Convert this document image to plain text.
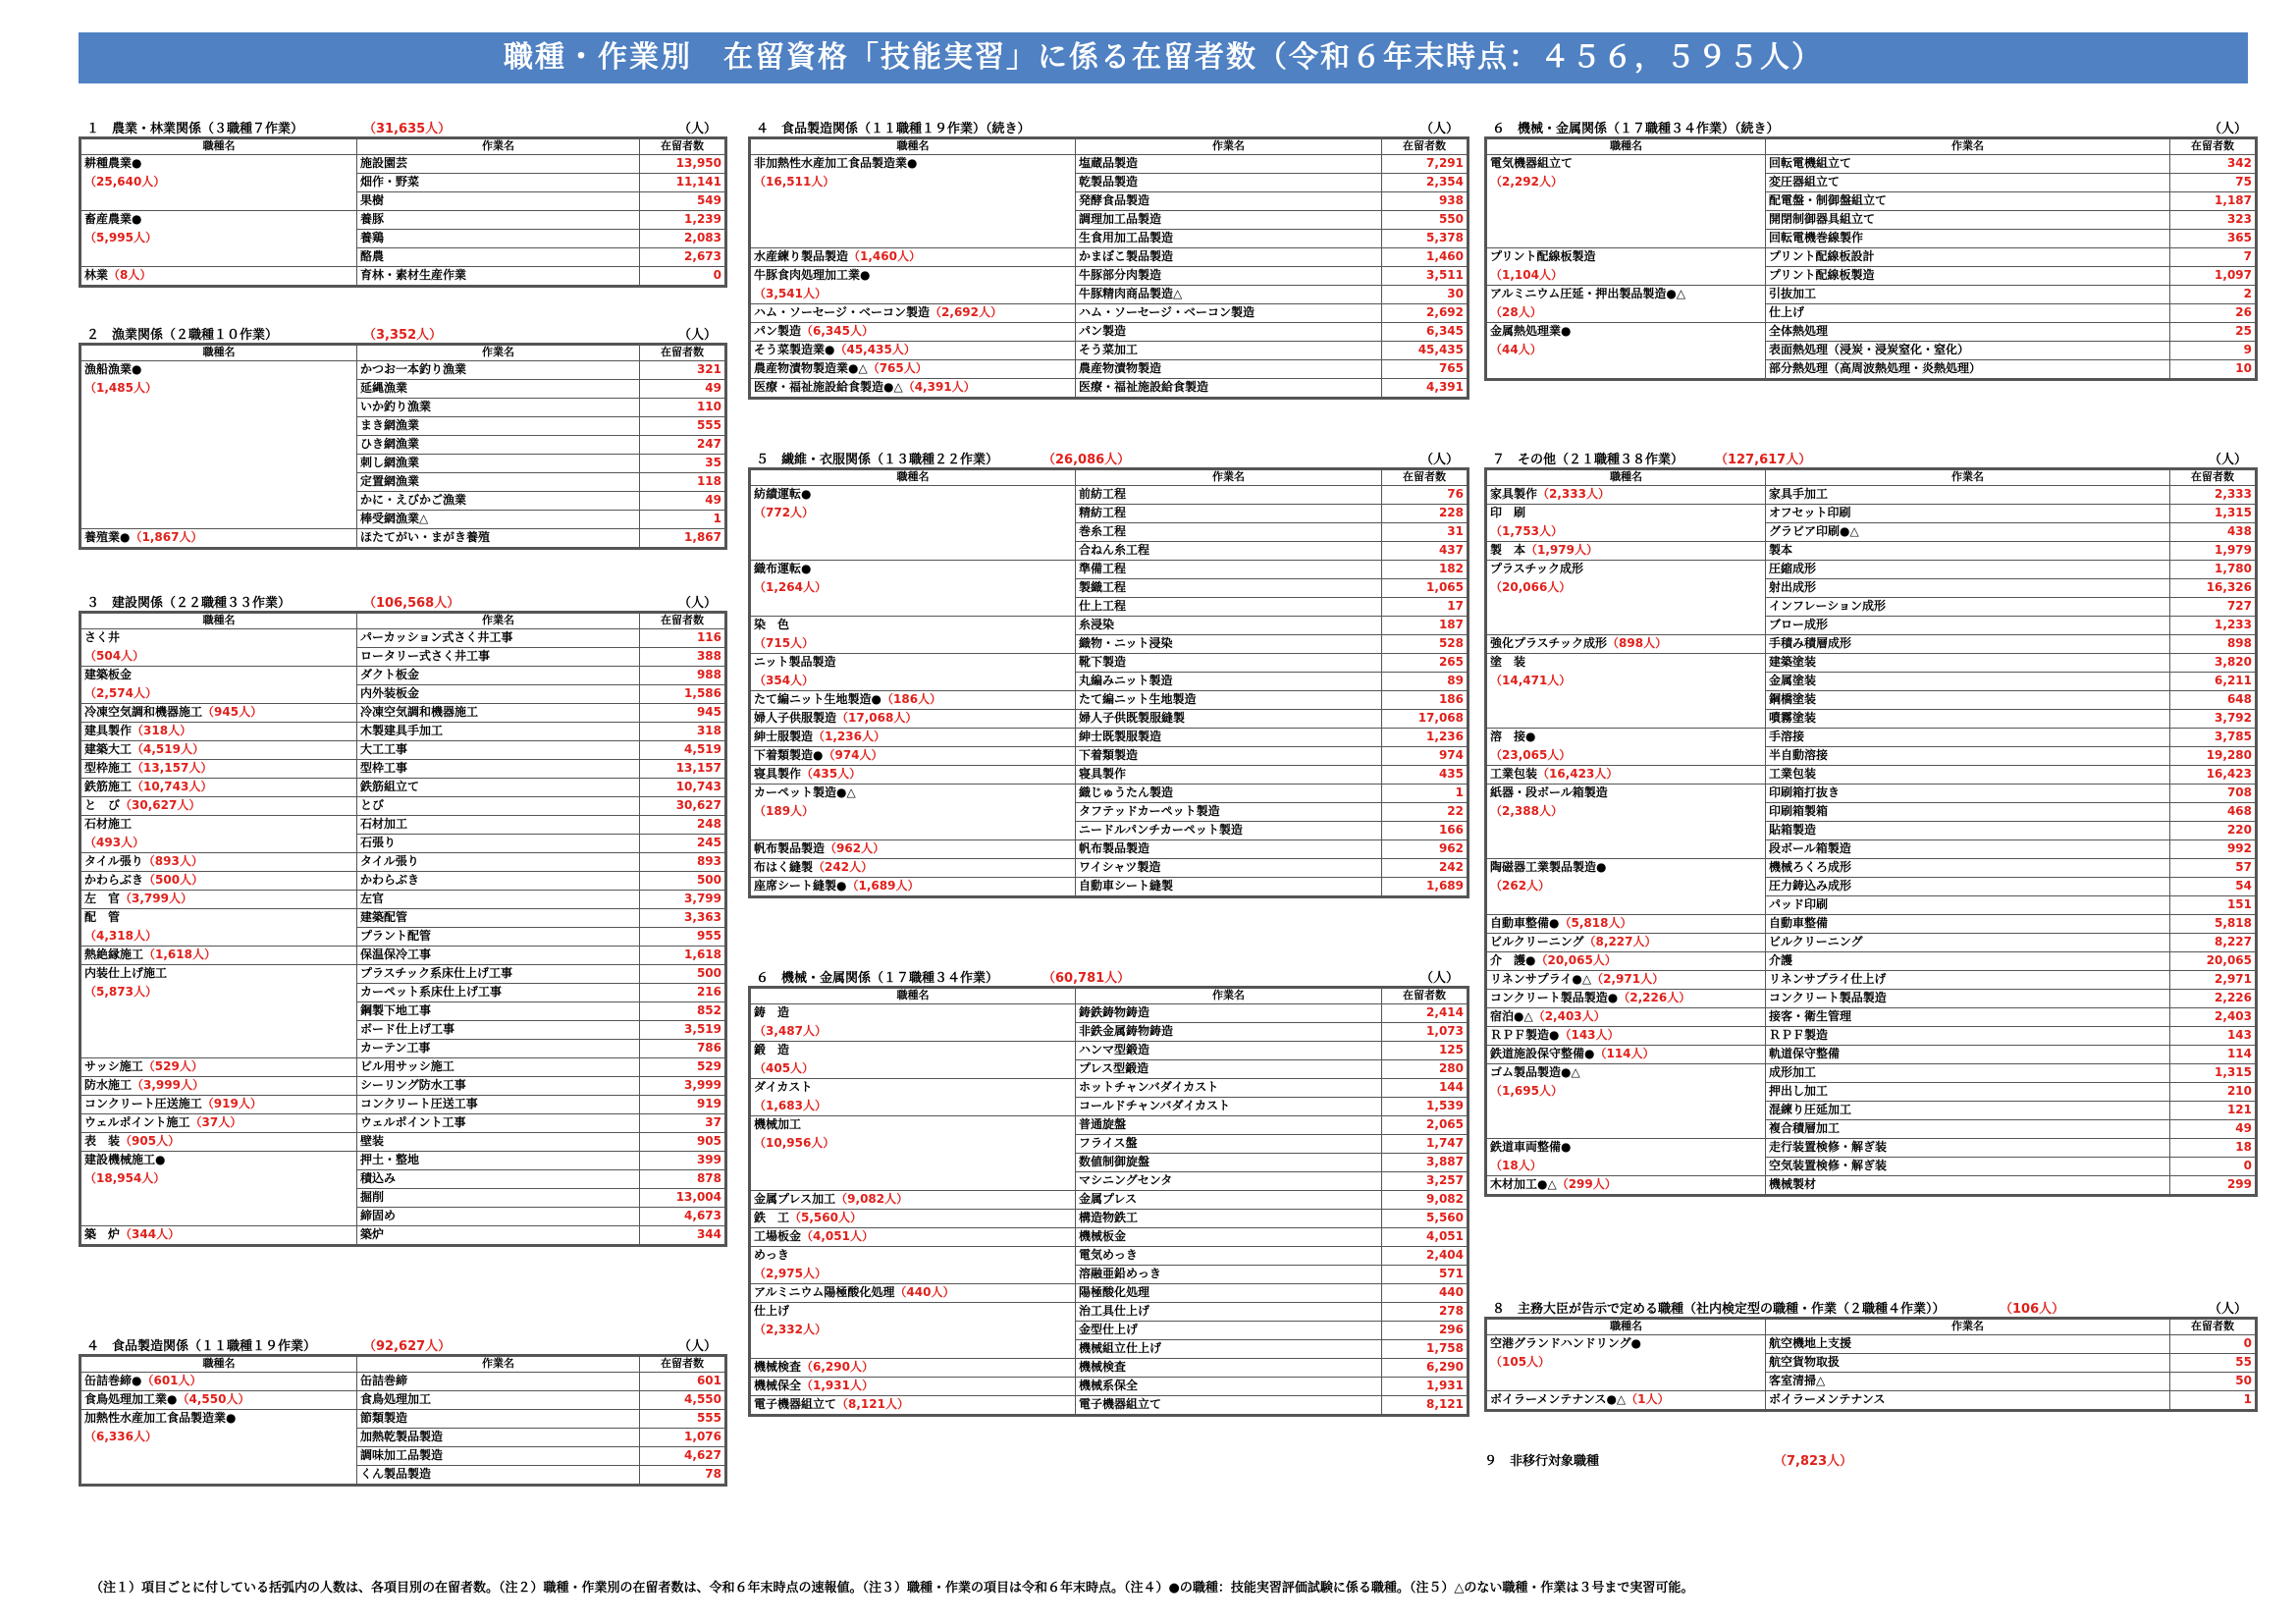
職種・作業別　在留資格「技能実習」に係る在留者数（令和６年末時点：４５６，５９５人）
１　農業・林業関係（３職種７作業）	（31,635人）	（人）
職種名	作業名	在留者数
耕種農業●	施設園芸	13,950
（25,640人）	畑作・野菜	11,141
	果樹	549
畜産農業●	養豚	1,239
（5,995人）	養鶏	2,083
	酪農	2,673
林業（8人）	育林・素材生産作業	0
２　漁業関係（２職種１０作業）	（3,352人）	（人）
職種名	作業名	在留者数
漁船漁業●	かつお一本釣り漁業	321
（1,485人）	延縄漁業	49
	いか釣り漁業	110
	まき網漁業	555
	ひき網漁業	247
	刺し網漁業	35
	定置網漁業	118
	かに・えびかご漁業	49
	棒受網漁業△	1
養殖業●（1,867人）	ほたてがい・まがき養殖	1,867
３　建設関係（２２職種３３作業）	（106,568人）	（人）
職種名	作業名	在留者数
さく井	パーカッション式さく井工事	116
（504人）	ロータリー式さく井工事	388
建築板金	ダクト板金	988
（2,574人）	内外装板金	1,586
冷凍空気調和機器施工（945人）	冷凍空気調和機器施工	945
建具製作（318人）	木製建具手加工	318
建築大工（4,519人）	大工工事	4,519
型枠施工（13,157人）	型枠工事	13,157
鉄筋施工（10,743人）	鉄筋組立て	10,743
と　び（30,627人）	とび	30,627
石材施工	石材加工	248
（493人）	石張り	245
タイル張り（893人）	タイル張り	893
かわらぶき（500人）	かわらぶき	500
左　官（3,799人）	左官	3,799
配　管	建築配管	3,363
（4,318人）	プラント配管	955
熱絶縁施工（1,618人）	保温保冷工事	1,618
内装仕上げ施工	プラスチック系床仕上げ工事	500
（5,873人）	カーペット系床仕上げ工事	216
	鋼製下地工事	852
	ボード仕上げ工事	3,519
	カーテン工事	786
サッシ施工（529人）	ビル用サッシ施工	529
防水施工（3,999人）	シーリング防水工事	3,999
コンクリート圧送施工（919人）	コンクリート圧送工事	919
ウェルポイント施工（37人）	ウェルポイント工事	37
表　装（905人）	壁装	905
建設機械施工●	押土・整地	399
（18,954人）	積込み	878
	掘削	13,004
	締固め	4,673
築　炉（344人）	築炉	344
４　食品製造関係（１１職種１９作業）	（92,627人）	（人）
職種名	作業名	在留者数
缶詰巻締●（601人）	缶詰巻締	601
食鳥処理加工業●（4,550人）	食鳥処理加工	4,550
加熱性水産加工食品製造業●	節類製造	555
（6,336人）	加熱乾製品製造	1,076
	調味加工品製造	4,627
	くん製品製造	78
４　食品製造関係（１１職種１９作業）（続き）	（人）
職種名	作業名	在留者数
非加熱性水産加工食品製造業●	塩蔵品製造	7,291
（16,511人）	乾製品製造	2,354
	発酵食品製造	938
	調理加工品製造	550
	生食用加工品製造	5,378
水産練り製品製造（1,460人）	かまぼこ製品製造	1,460
牛豚食肉処理加工業●	牛豚部分肉製造	3,511
（3,541人）	牛豚精肉商品製造△	30
ハム・ソーセージ・ベーコン製造（2,692人）	ハム・ソーセージ・ベーコン製造	2,692
パン製造（6,345人）	パン製造	6,345
そう菜製造業●（45,435人）	そう菜加工	45,435
農産物漬物製造業●△（765人）	農産物漬物製造	765
医療・福祉施設給食製造●△（4,391人）	医療・福祉施設給食製造	4,391
５　繊維・衣服関係（１３職種２２作業）	（26,086人）	（人）
職種名	作業名	在留者数
紡績運転●	前紡工程	76
（772人）	精紡工程	228
	巻糸工程	31
	合ねん糸工程	437
織布運転●	準備工程	182
（1,264人）	製織工程	1,065
	仕上工程	17
染　色	糸浸染	187
（715人）	織物・ニット浸染	528
ニット製品製造	靴下製造	265
（354人）	丸編みニット製造	89
たて編ニット生地製造●（186人）	たて編ニット生地製造	186
婦人子供服製造（17,068人）	婦人子供既製服縫製	17,068
紳士服製造（1,236人）	紳士既製服製造	1,236
下着類製造●（974人）	下着類製造	974
寝具製作（435人）	寝具製作	435
カーペット製造●△	織じゅうたん製造	1
（189人）	タフテッドカーペット製造	22
	ニードルパンチカーペット製造	166
帆布製品製造（962人）	帆布製品製造	962
布はく縫製（242人）	ワイシャツ製造	242
座席シート縫製●（1,689人）	自動車シート縫製	1,689
６　機械・金属関係（１７職種３４作業）	（60,781人）	（人）
職種名	作業名	在留者数
鋳　造	鋳鉄鋳物鋳造	2,414
（3,487人）	非鉄金属鋳物鋳造	1,073
鍛　造	ハンマ型鍛造	125
（405人）	プレス型鍛造	280
ダイカスト	ホットチャンバダイカスト	144
（1,683人）	コールドチャンバダイカスト	1,539
機械加工	普通旋盤	2,065
（10,956人）	フライス盤	1,747
	数値制御旋盤	3,887
	マシニングセンタ	3,257
金属プレス加工（9,082人）	金属プレス	9,082
鉄　工（5,560人）	構造物鉄工	5,560
工場板金（4,051人）	機械板金	4,051
めっき	電気めっき	2,404
（2,975人）	溶融亜鉛めっき	571
アルミニウム陽極酸化処理（440人）	陽極酸化処理	440
仕上げ	治工具仕上げ	278
（2,332人）	金型仕上げ	296
	機械組立仕上げ	1,758
機械検査（6,290人）	機械検査	6,290
機械保全（1,931人）	機械系保全	1,931
電子機器組立て（8,121人）	電子機器組立て	8,121
６　機械・金属関係（１７職種３４作業）（続き）	（人）
職種名	作業名	在留者数
電気機器組立て	回転電機組立て	342
（2,292人）	変圧器組立て	75
	配電盤・制御盤組立て	1,187
	開閉制御器具組立て	323
	回転電機巻線製作	365
プリント配線板製造	プリント配線板設計	7
（1,104人）	プリント配線板製造	1,097
アルミニウム圧延・押出製品製造●△	引抜加工	2
（28人）	仕上げ	26
金属熱処理業●	全体熱処理	25
（44人）	表面熱処理（浸炭・浸炭窒化・窒化）	9
	部分熱処理（高周波熱処理・炎熱処理）	10
７　その他（２１職種３８作業） （127,617人）	（人）
職種名	作業名	在留者数
家具製作（2,333人）	家具手加工	2,333
印　刷	オフセット印刷	1,315
（1,753人）	グラビア印刷●△	438
製　本（1,979人）	製本	1,979
プラスチック成形	圧縮成形	1,780
（20,066人）	射出成形	16,326
	インフレーション成形	727
	ブロー成形	1,233
強化プラスチック成形（898人）	手積み積層成形	898
塗　装	建築塗装	3,820
（14,471人）	金属塗装	6,211
	鋼橋塗装	648
	噴霧塗装	3,792
溶　接●	手溶接	3,785
（23,065人）	半自動溶接	19,280
工業包装（16,423人）	工業包装	16,423
紙器・段ボール箱製造	印刷箱打抜き	708
（2,388人）	印刷箱製箱	468
	貼箱製造	220
	段ボール箱製造	992
陶磁器工業製品製造●	機械ろくろ成形	57
（262人）	圧力鋳込み成形	54
	パッド印刷	151
自動車整備●（5,818人）	自動車整備	5,818
ビルクリーニング（8,227人）	ビルクリーニング	8,227
介　護●（20,065人）	介護	20,065
リネンサプライ●△（2,971人）	リネンサプライ仕上げ	2,971
コンクリート製品製造●（2,226人）	コンクリート製品製造	2,226
宿泊●△（2,403人）	接客・衛生管理	2,403
ＲＰＦ製造●（143人）	ＲＰＦ製造	143
鉄道施設保守整備●（114人）	軌道保守整備	114
ゴム製品製造●△	成形加工	1,315
（1,695人）	押出し加工	210
	混練り圧延加工	121
	複合積層加工	49
鉄道車両整備●	走行装置検修・解ぎ装	18
（18人）	空気装置検修・解ぎ装	0
木材加工●△（299人）	機械製材	299
８　主務大臣が告示で定める職種（社内検定型の職種・作業（２職種４作業））	（106人）	（人）
職種名	作業名	在留者数
空港グランドハンドリング●	航空機地上支援	0
（105人）	航空貨物取扱	55
	客室清掃△	50
ボイラーメンテナンス●△（1人）	ボイラーメンテナンス	1
９　非移行対象職種	（7,823人）
（注１）項目ごとに付している括弧内の人数は、各項目別の在留者数。（注２）職種・作業別の在留者数は、令和６年末時点の速報値。（注３）職種・作業の項目は令和６年末時点。（注４）●の職種：技能実習評価試験に係る職種。（注５）△のない職種・作業は３号まで実習可能。
